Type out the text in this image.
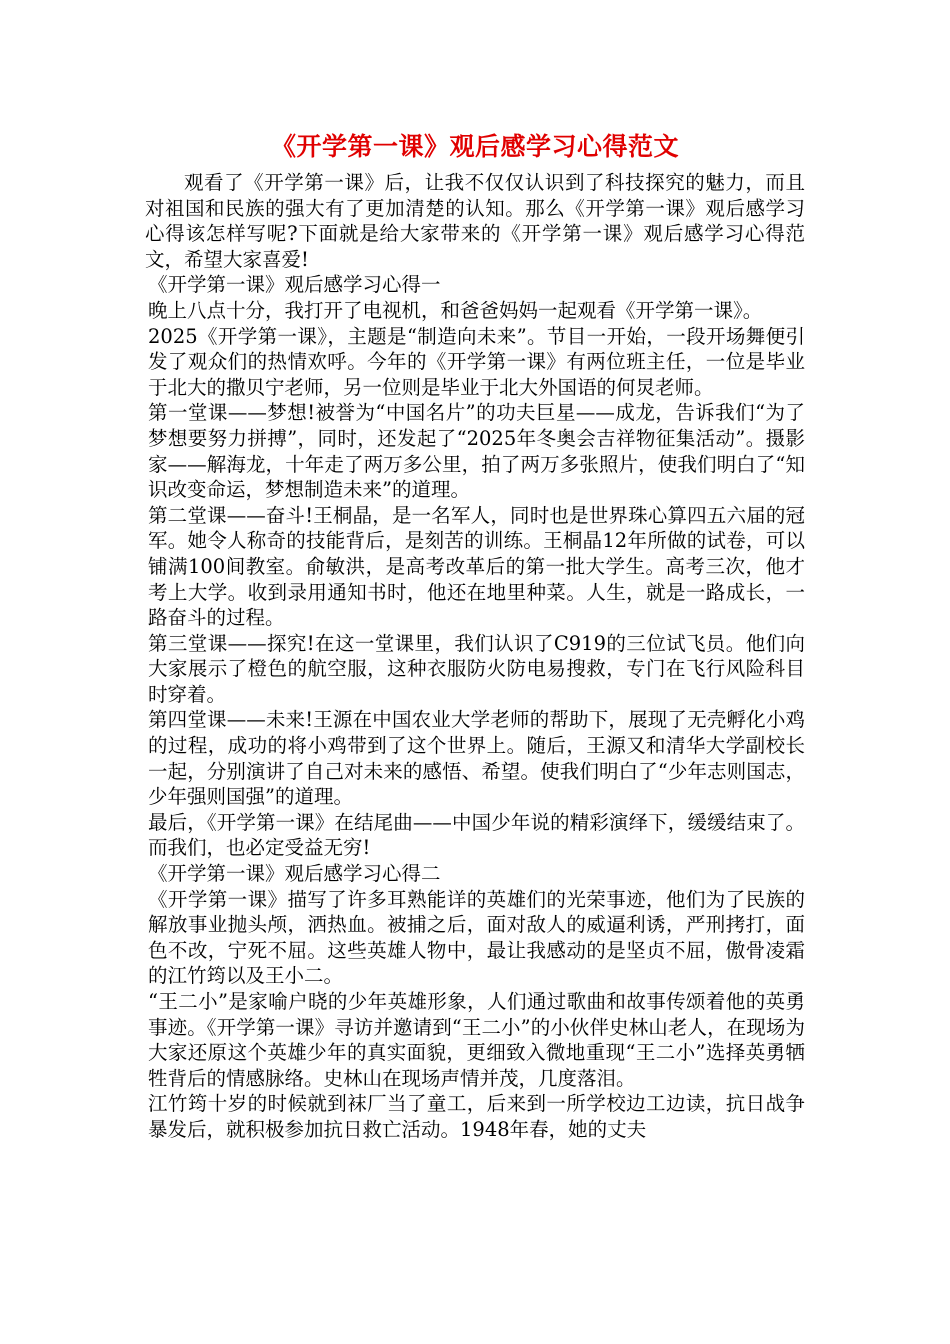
《开学第一课》观后感学习心得范文

观看了《开学第一课》后，让我不仅仅认识到了科技探究的魅力，而且对祖国和民族的强大有了更加清楚的认知。那么《开学第一课》观后感学习心得该怎样写呢?下面就是给大家带来的《开学第一课》观后感学习心得范文，希望大家喜爱!

《开学第一课》观后感学习心得一

晚上八点十分，我打开了电视机，和爸爸妈妈一起观看《开学第一课》。

2025《开学第一课》，主题是“制造向未来”。节目一开始，一段开场舞便引发了观众们的热情欢呼。今年的《开学第一课》有两位班主任，一位是毕业于北大的撒贝宁老师，另一位则是毕业于北大外国语的何炅老师。

第一堂课——梦想!被誉为“中国名片”的功夫巨星——成龙，告诉我们“为了梦想要努力拼搏”，同时，还发起了“2025年冬奥会吉祥物征集活动”。摄影家——解海龙，十年走了两万多公里，拍了两万多张照片，使我们明白了“知识改变命运，梦想制造未来”的道理。

第二堂课——奋斗!王桐晶，是一名军人，同时也是世界珠心算四五六届的冠军。她令人称奇的技能背后，是刻苦的训练。王桐晶12年所做的试卷，可以铺满100间教室。俞敏洪，是高考改革后的第一批大学生。高考三次，他才考上大学。收到录用通知书时，他还在地里种菜。人生，就是一路成长，一路奋斗的过程。

第三堂课——探究!在这一堂课里，我们认识了C919的三位试飞员。他们向大家展示了橙色的航空服，这种衣服防火防电易搜救，专门在飞行风险科目时穿着。

第四堂课——未来!王源在中国农业大学老师的帮助下，展现了无壳孵化小鸡的过程，成功的将小鸡带到了这个世界上。随后，王源又和清华大学副校长一起，分别演讲了自己对未来的感悟、希望。使我们明白了“少年志则国志，少年强则国强”的道理。

最后，《开学第一课》在结尾曲——中国少年说的精彩演绎下，缓缓结束了。而我们，也必定受益无穷!

《开学第一课》观后感学习心得二

《开学第一课》描写了许多耳熟能详的英雄们的光荣事迹，他们为了民族的解放事业抛头颅，洒热血。被捕之后，面对敌人的威逼利诱，严刑拷打，面色不改，宁死不屈。这些英雄人物中，最让我感动的是坚贞不屈，傲骨凌霜的江竹筠以及王小二。

“王二小”是家喻户晓的少年英雄形象，人们通过歌曲和故事传颂着他的英勇事迹。《开学第一课》寻访并邀请到“王二小”的小伙伴史林山老人，在现场为大家还原这个英雄少年的真实面貌，更细致入微地重现“王二小”选择英勇牺牲背后的情感脉络。史林山在现场声情并茂，几度落泪。

江竹筠十岁的时候就到袜厂当了童工，后来到一所学校边工边读，抗日战争暴发后，就积极参加抗日救亡活动。1948年春，她的丈夫
